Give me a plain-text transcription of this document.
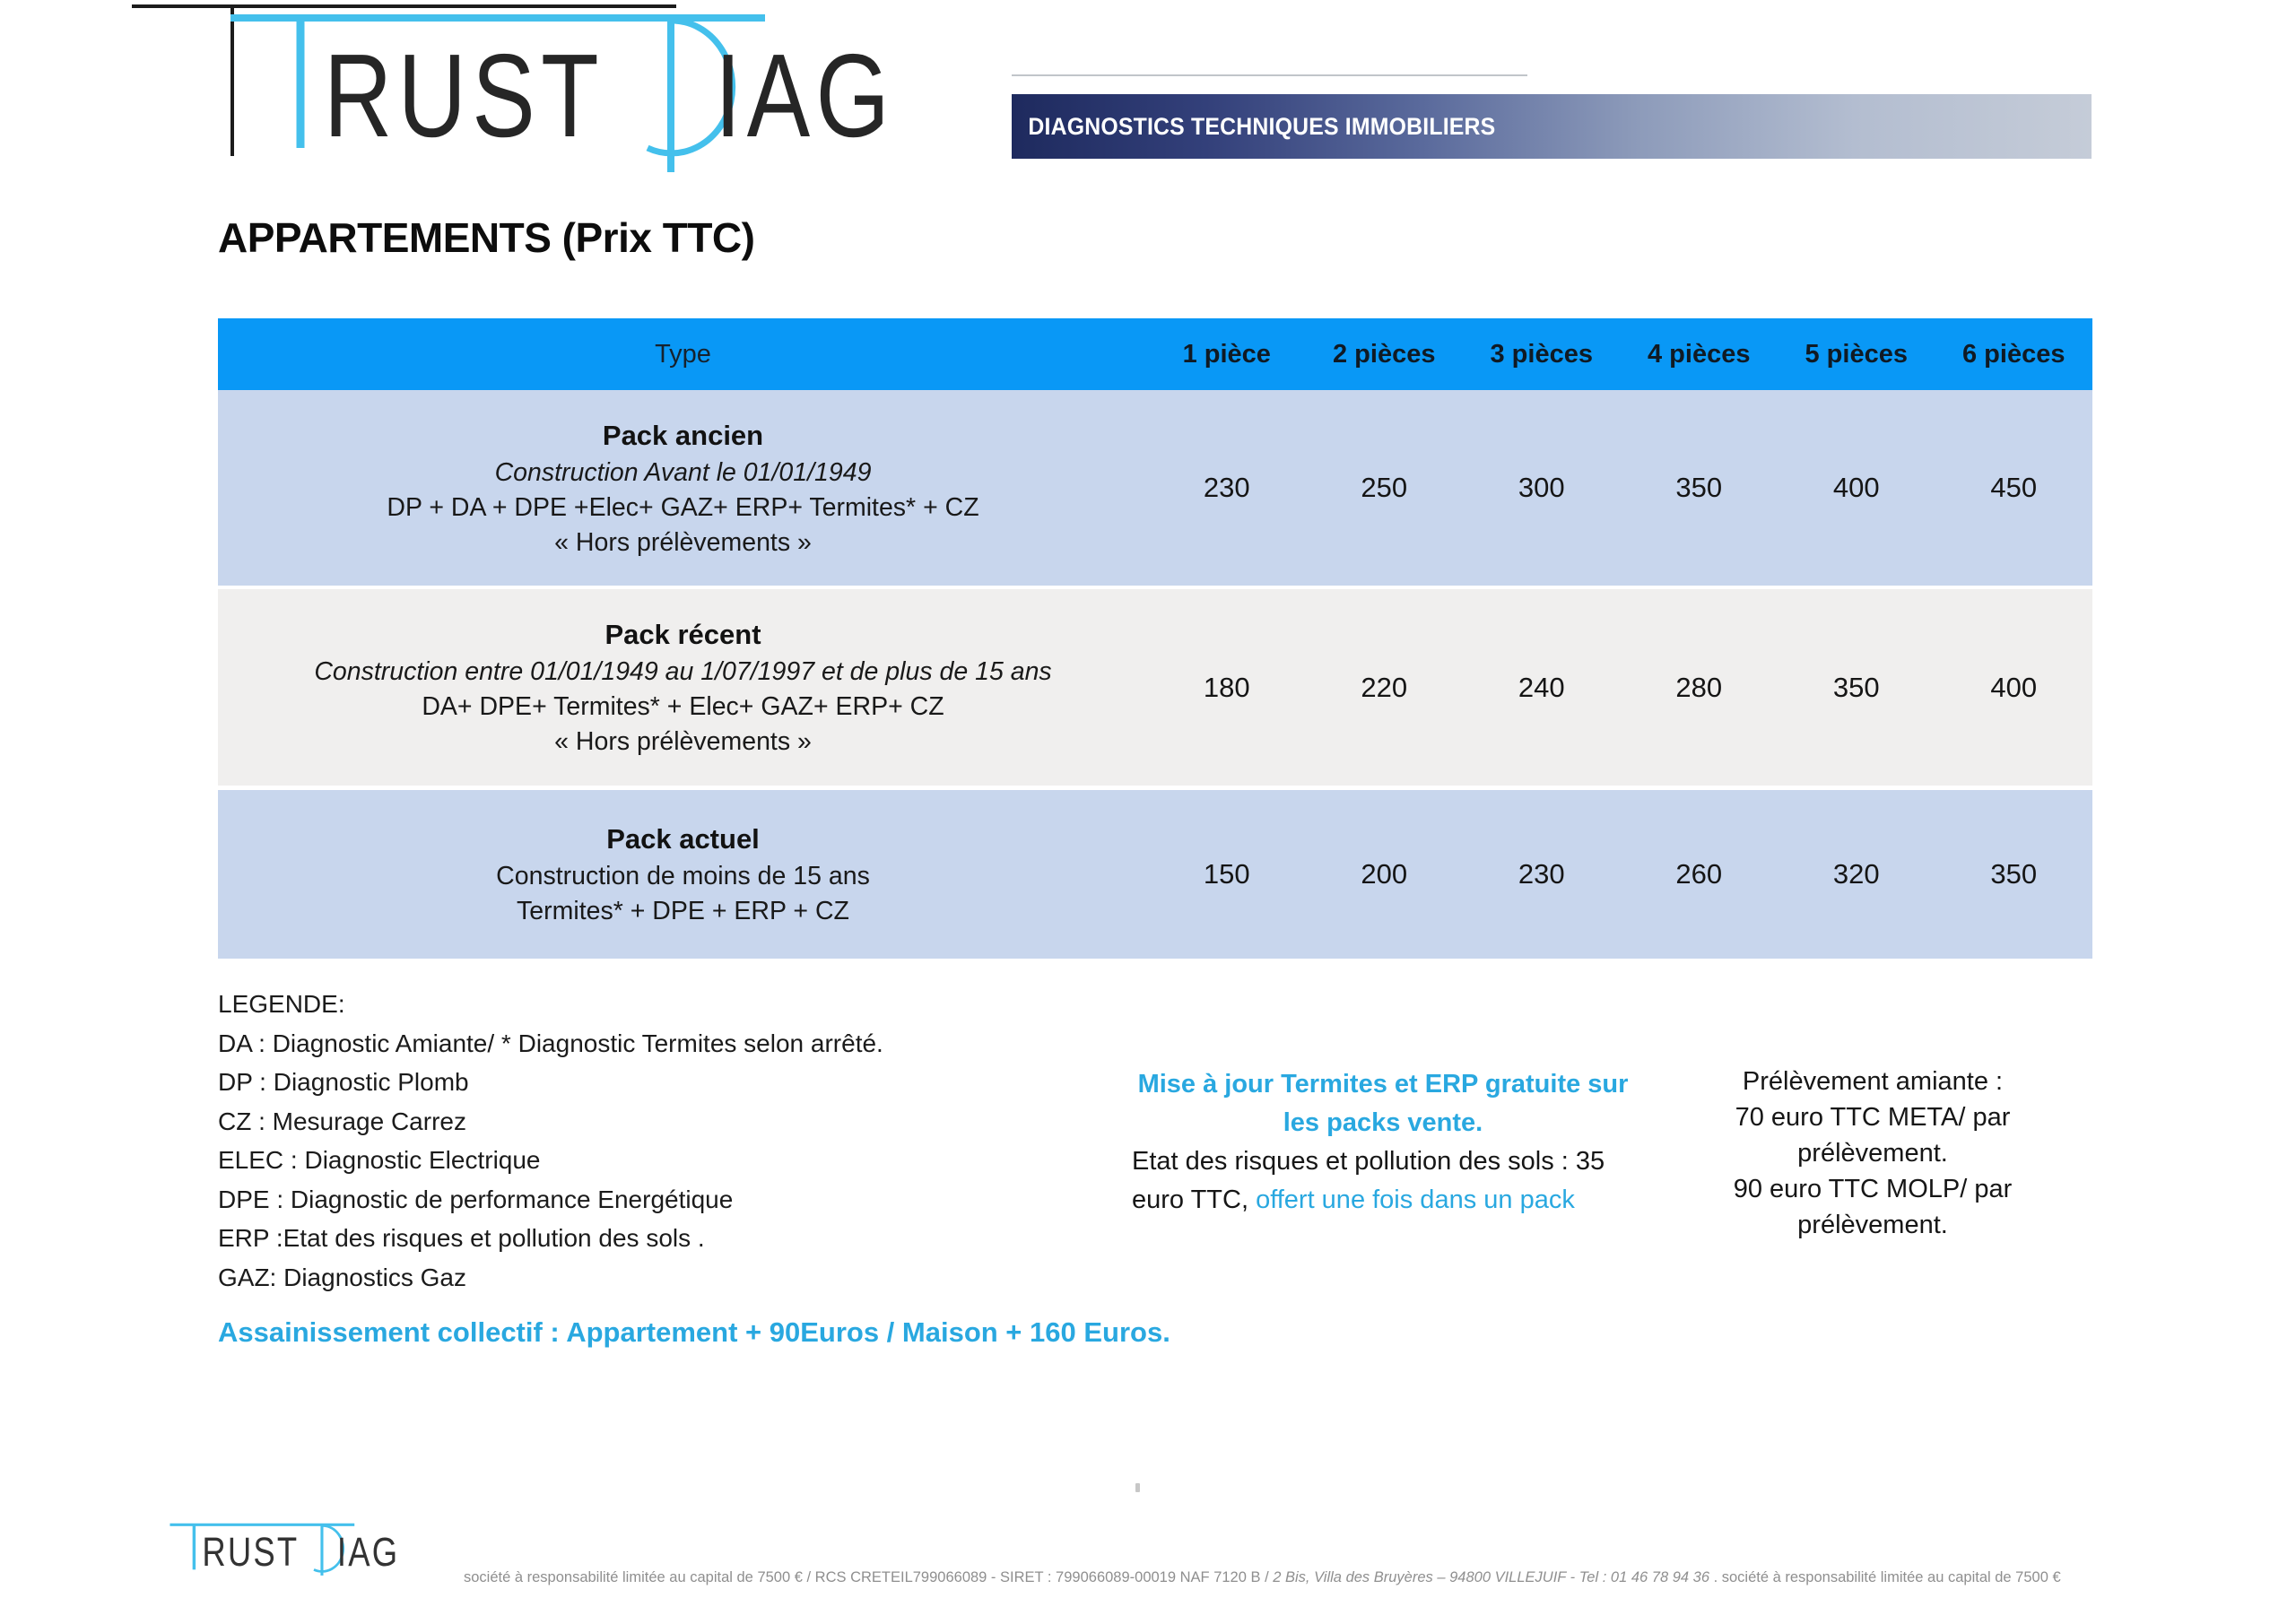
RUST IAG	DIAGNOSTICS TECHNIQUES IMMOBILIERS
APPARTEMENTS (Prix TTC)
Type	1 pièce	2 pièces	3 pièces	4 pièces	5 pièces	6 pièces
Pack ancien
Construction Avant le 01/01/1949
DP + DA + DPE +Elec+ GAZ+ ERP+ Termites* + CZ
« Hors prélèvements »
230	250	300	350	400	450
Pack récent
Construction entre 01/01/1949 au 1/07/1997 et de plus de 15 ans
DA+ DPE+ Termites* + Elec+ GAZ+ ERP+ CZ
« Hors prélèvements »
180	220	240	280	350	400
Pack actuel
Construction de moins de 15 ans
Termites* + DPE + ERP + CZ
150	200	230	260	320	350
LEGENDE:
DA : Diagnostic Amiante/ * Diagnostic Termites selon arrêté.
DP : Diagnostic Plomb
CZ : Mesurage Carrez
ELEC : Diagnostic Electrique
DPE : Diagnostic de performance Energétique
ERP :Etat des risques et pollution des sols .
GAZ: Diagnostics Gaz
Mise à jour Termites et ERP gratuite sur
les packs vente.
Etat des risques et pollution des sols : 35
euro TTC, offert une fois dans un pack
Prélèvement amiante :
70 euro TTC META/ par
prélèvement.
90 euro TTC MOLP/ par
prélèvement.
Assainissement collectif : Appartement + 90Euros / Maison + 160 Euros.
RUST IAG
société à responsabilité limitée au capital de 7500 € / RCS CRETEIL799066089 - SIRET : 799066089-00019 NAF 7120 B / 2 Bis, Villa des Bruyères – 94800 VILLEJUIF - Tel : 01 46 78 94 36 . société à responsabilité limitée au capital de 7500 €
